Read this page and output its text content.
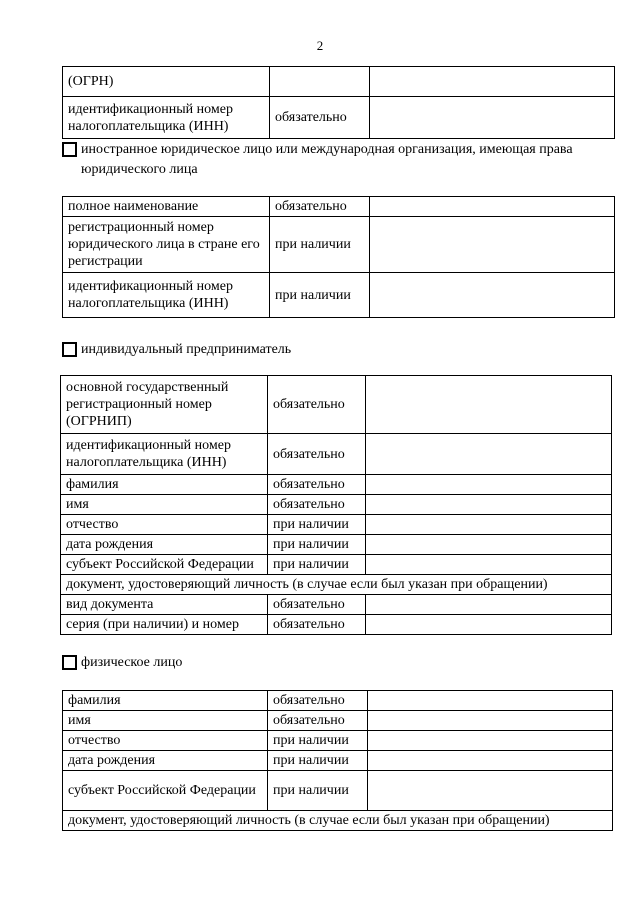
2
(ОГРН)		
идентификационный номер налогоплательщика (ИНН)	обязательно	
иностранное юридическое лицо или международная организация, имеющая права юридического лица
полное наименование	обязательно	
регистрационный номер юридического лица в стране его регистрации	при наличии	
идентификационный номер налогоплательщика (ИНН)	при наличии	
индивидуальный предприниматель
основной государственный регистрационный номер (ОГРНИП)	обязательно	
идентификационный номер налогоплательщика (ИНН)	обязательно	
фамилия	обязательно	
имя	обязательно	
отчество	при наличии	
дата рождения	при наличии	
субъект Российской Федерации	при наличии	
документ, удостоверяющий личность (в случае если был указан при обращении)		
вид документа	обязательно	
серия (при наличии) и номер	обязательно	
физическое лицо
фамилия	обязательно	
имя	обязательно	
отчество	при наличии	
дата рождения	при наличии	
субъект Российской Федерации	при наличии	
документ, удостоверяющий личность (в случае если был указан при обращении)		
